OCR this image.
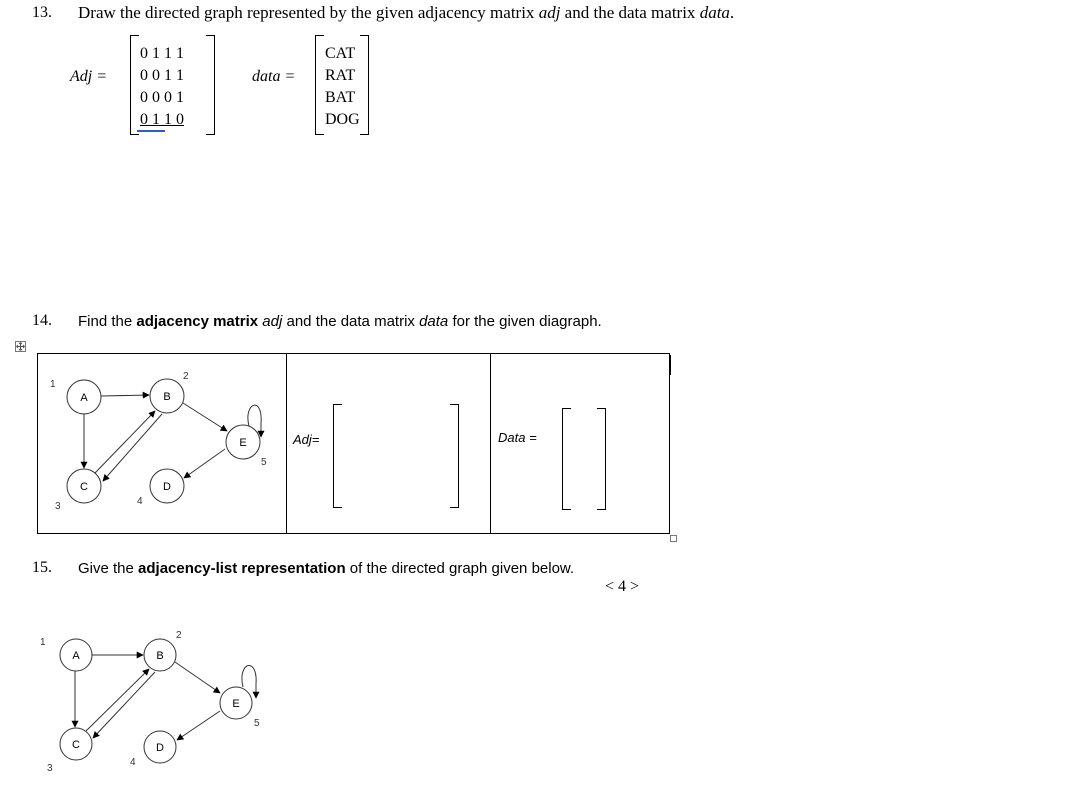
13. Draw the directed graph represented by the given adjacency matrix adj and the data matrix data.
Adj =
0 1 1 1
0 0 1 1
0 0 0 1
0 1 1 0
data =
CAT
RAT
BAT
DOG
14. Find the adjacency matrix adj and the data matrix data for the given diagraph.
A	B
C	D
E
1
2
3	4
5
Adj=	Data =
15. Give the adjacency-list representation of the directed graph given below.
< 4 >
A	B
C	D
E
1
2
3
4
5
